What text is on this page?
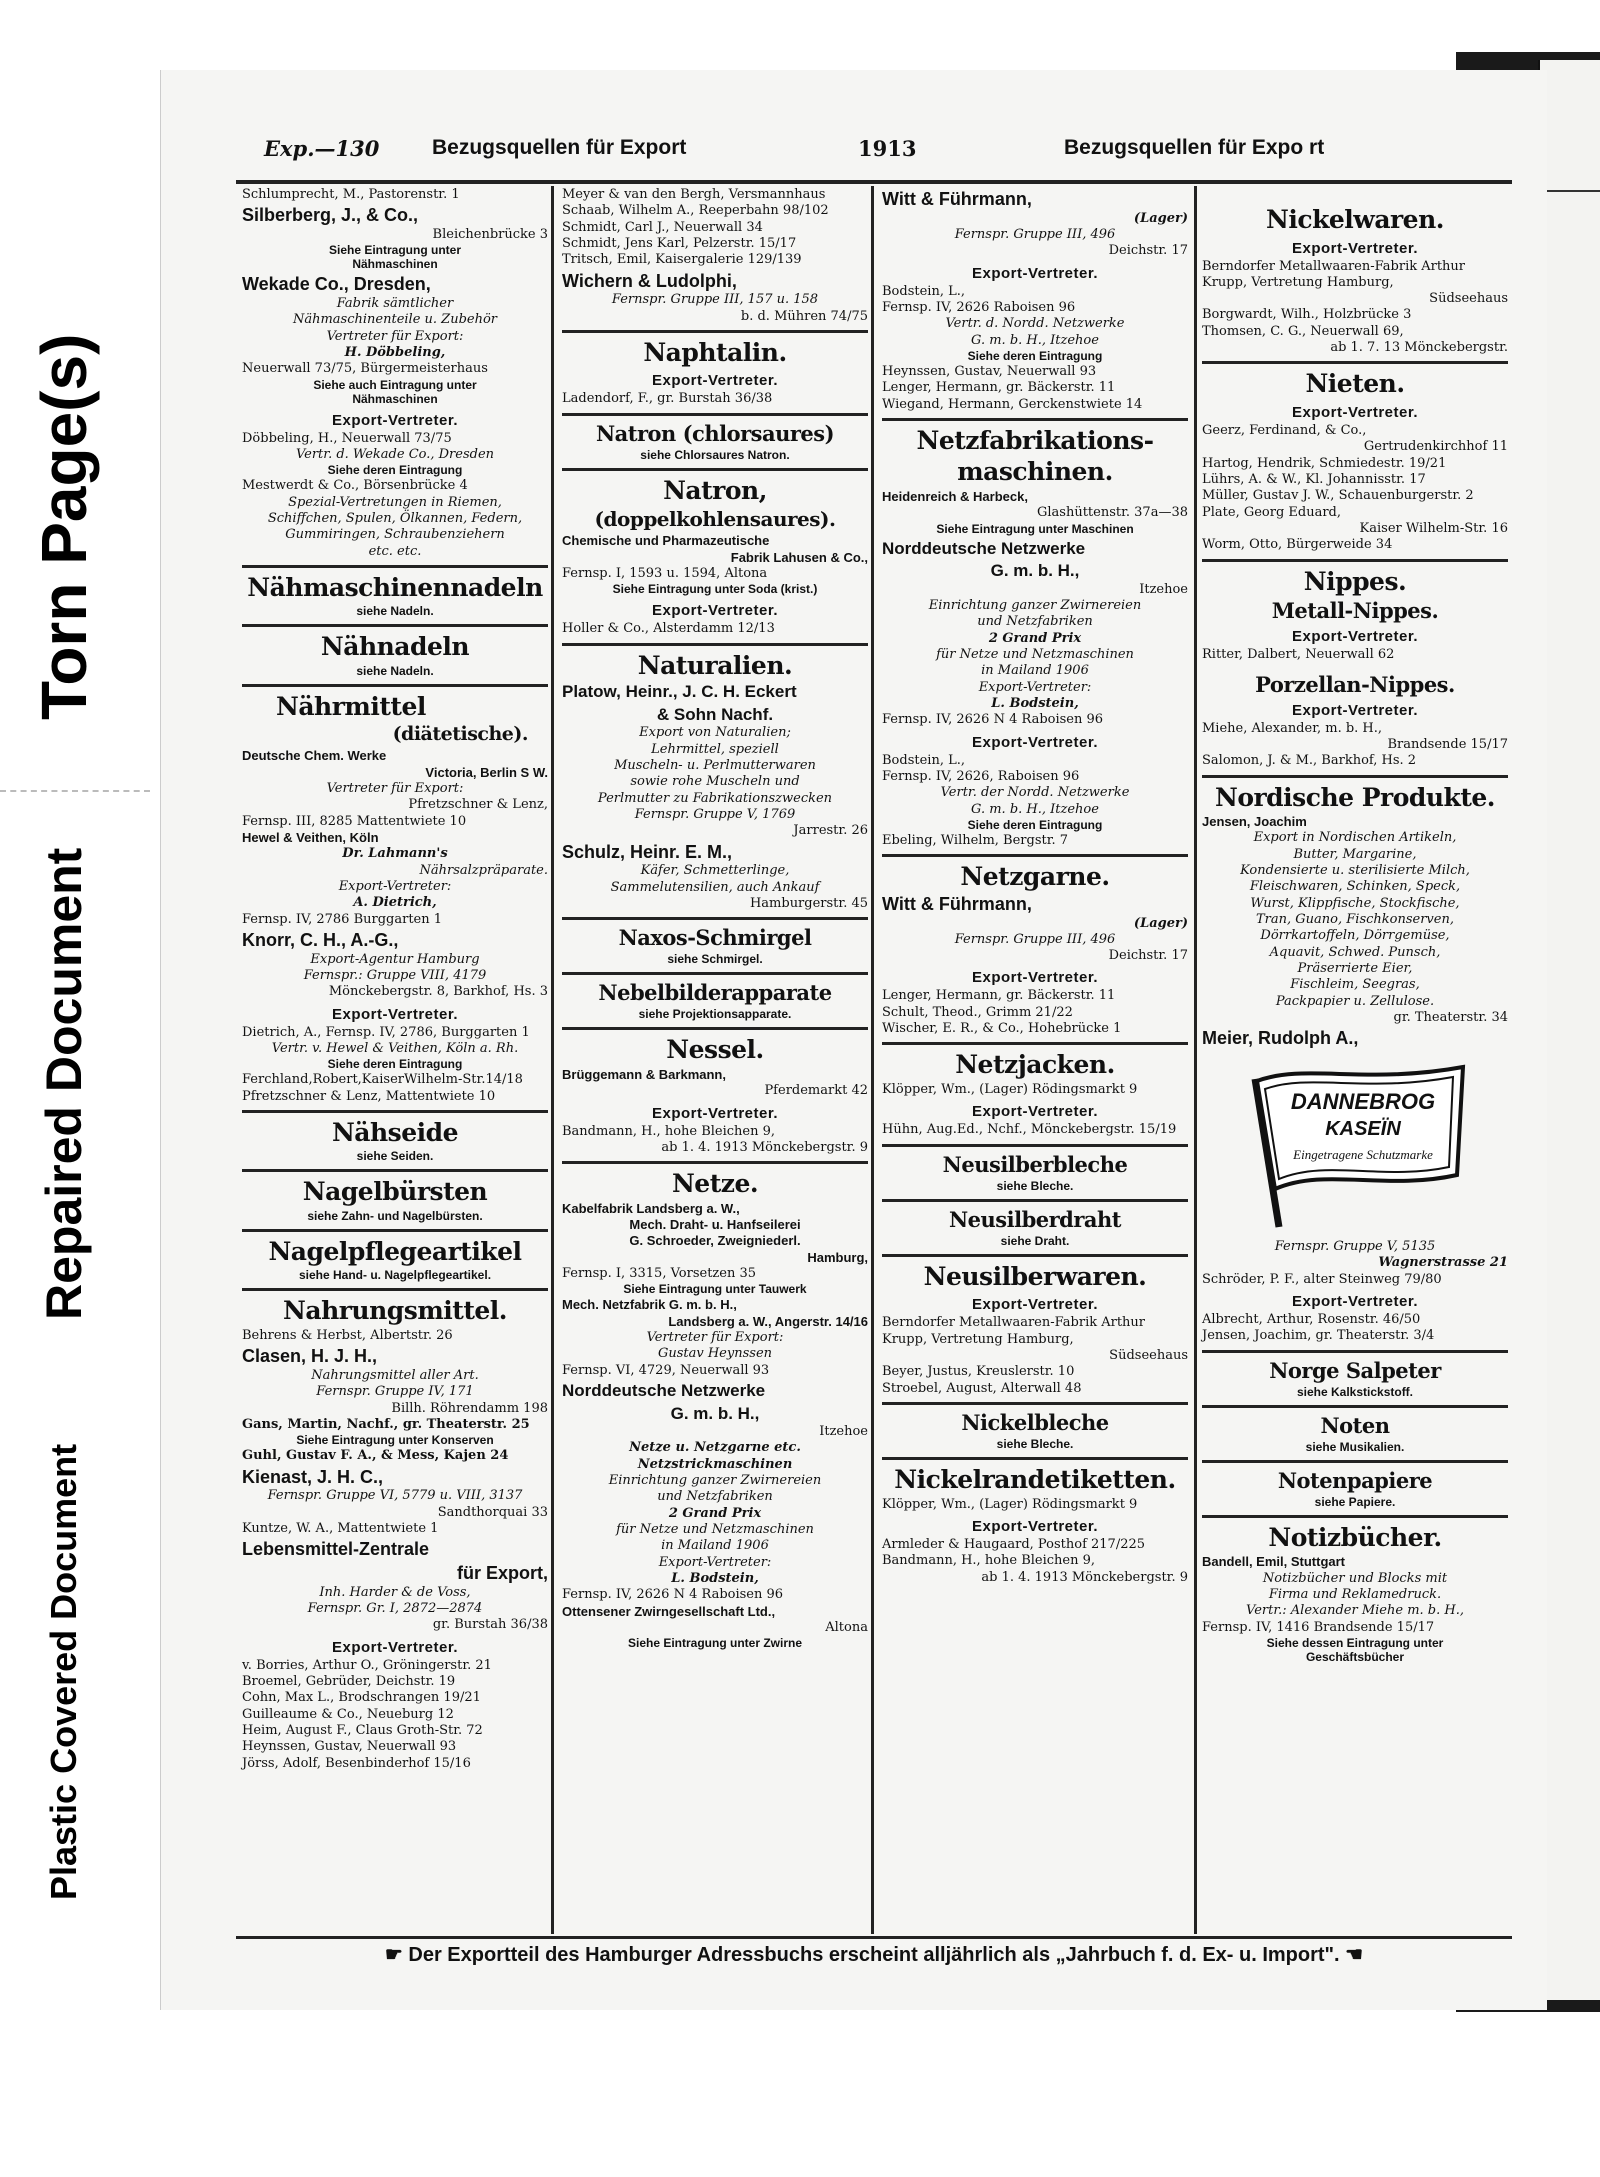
Torn Page(s)
Repaired Document
Plastic Covered Document
Exp.—130	Bezugsquellen für Export	1913	Bezugsquellen für Expo rt
Schlumprecht, M., Pastorenstr. 1
Silberberg, J., & Co.,
Bleichenbrücke 3
Siehe Eintragung unter
Nähmaschinen
Wekade Co., Dresden,
Fabrik sämtlicher
Nähmaschinenteile u. Zubehör
Vertreter für Export:
H. Döbbeling,
Neuerwall 73/75, Bürgermeisterhaus
Siehe auch Eintragung unter
Nähmaschinen
Export-Vertreter.
Döbbeling, H., Neuerwall 73/75
Vertr. d. Wekade Co., Dresden
Siehe deren Eintragung
Mestwerdt & Co., Börsenbrücke 4
Spezial-Vertretungen in Riemen,
Schiffchen, Spulen, Ölkannen, Federn,
Gummiringen, Schraubenziehern
etc. etc.
Nähmaschinennadeln
siehe Nadeln.
Nähnadeln
siehe Nadeln.
Nährmittel
(diätetische).
Deutsche Chem. Werke
Victoria, Berlin S W.
Vertreter für Export:
Pfretzschner & Lenz,
Fernsp. III, 8285 Mattentwiete 10
Hewel & Veithen, Köln
Dr. Lahmann's
Nährsalzpräparate.
Export-Vertreter:
A. Dietrich,
Fernsp. IV, 2786 Burggarten 1
Knorr, C. H., A.-G.,
Export-Agentur Hamburg
Fernspr.: Gruppe VIII, 4179
Mönckebergstr. 8, Barkhof, Hs. 3
Export-Vertreter.
Dietrich, A., Fernsp. IV, 2786, Burggarten 1
Vertr. v. Hewel & Veithen, Köln a. Rh.
Siehe deren Eintragung
Ferchland,Robert,KaiserWilhelm-Str.14/18
Pfretzschner & Lenz, Mattentwiete 10
Nähseide
siehe Seiden.
Nagelbürsten
siehe Zahn- und Nagelbürsten.
Nagelpflegeartikel
siehe Hand- u. Nagelpflegeartikel.
Nahrungsmittel.
Behrens & Herbst, Albertstr. 26
Clasen, H. J. H.,
Nahrungsmittel aller Art.
Fernspr. Gruppe IV, 171
Billh. Röhrendamm 198
Gans, Martin, Nachf., gr. Theaterstr. 25
Siehe Eintragung unter Konserven
Guhl, Gustav F. A., & Mess, Kajen 24
Kienast, J. H. C.,
Fernspr. Gruppe VI, 5779 u. VIII, 3137
Sandthorquai 33
Kuntze, W. A., Mattentwiete 1
Lebensmittel-Zentrale
für Export,
Inh. Harder & de Voss,
Fernspr. Gr. I, 2872—2874
gr. Burstah 36/38
Export-Vertreter.
v. Borries, Arthur O., Gröningerstr. 21
Broemel, Gebrüder, Deichstr. 19
Cohn, Max L., Brodschrangen 19/21
Guilleaume & Co., Neueburg 12
Heim, August F., Claus Groth-Str. 72
Heynssen, Gustav, Neuerwall 93
Jörss, Adolf, Besenbinderhof 15/16
Meyer & van den Bergh, Versmannhaus
Schaab, Wilhelm A., Reeperbahn 98/102
Schmidt, Carl J., Neuerwall 34
Schmidt, Jens Karl, Pelzerstr. 15/17
Tritsch, Emil, Kaisergalerie 129/139
Wichern & Ludolphi,
Fernspr. Gruppe III, 157 u. 158
b. d. Mühren 74/75
Naphtalin.
Export-Vertreter.
Ladendorf, F., gr. Burstah 36/38
Natron (chlorsaures)
siehe Chlorsaures Natron.
Natron,
(doppelkohlensaures).
Chemische und Pharmazeutische
Fabrik Lahusen & Co.,
Fernsp. I, 1593 u. 1594, Altona
Siehe Eintragung unter Soda (krist.)
Export-Vertreter.
Holler & Co., Alsterdamm 12/13
Naturalien.
Platow, Heinr., J. C. H. Eckert
& Sohn Nachf.
Export von Naturalien;
Lehrmittel, speziell
Muscheln- u. Perlmutterwaren
sowie rohe Muscheln und
Perlmutter zu Fabrikationszwecken
Fernspr. Gruppe V, 1769
Jarrestr. 26
Schulz, Heinr. E. M.,
Käfer, Schmetterlinge,
Sammelutensilien, auch Ankauf
Hamburgerstr. 45
Naxos-Schmirgel
siehe Schmirgel.
Nebelbilderapparate
siehe Projektionsapparate.
Nessel.
Brüggemann & Barkmann,
Pferdemarkt 42
Export-Vertreter.
Bandmann, H., hohe Bleichen 9,
ab 1. 4. 1913 Mönckebergstr. 9
Netze.
Kabelfabrik Landsberg a. W.,
Mech. Draht- u. Hanfseilerei
G. Schroeder, Zweigniederl.
Hamburg,
Fernsp. I, 3315, Vorsetzen 35
Siehe Eintragung unter Tauwerk
Mech. Netzfabrik G. m. b. H.,
Landsberg a. W., Angerstr. 14/16
Vertreter für Export:
Gustav Heynssen
Fernsp. VI, 4729, Neuerwall 93
Norddeutsche Netzwerke
G. m. b. H.,
Itzehoe
Netze u. Netzgarne etc.
Netzstrickmaschinen
Einrichtung ganzer Zwirnereien
und Netzfabriken
2 Grand Prix
für Netze und Netzmaschinen
in Mailand 1906
Export-Vertreter:
L. Bodstein,
Fernsp. IV, 2626 N 4 Raboisen 96
Ottensener Zwirngesellschaft Ltd.,
Altona
Siehe Eintragung unter Zwirne
Witt & Führmann,
(Lager)
Fernspr. Gruppe III, 496
Deichstr. 17
Export-Vertreter.
Bodstein, L.,
Fernsp. IV, 2626 Raboisen 96
Vertr. d. Nordd. Netzwerke
G. m. b. H., Itzehoe
Siehe deren Eintragung
Heynssen, Gustav, Neuerwall 93
Lenger, Hermann, gr. Bäckerstr. 11
Wiegand, Hermann, Gerckenstwiete 14
Netzfabrikations-
maschinen.
Heidenreich & Harbeck,
Glashüttenstr. 37a—38
Siehe Eintragung unter Maschinen
Norddeutsche Netzwerke
G. m. b. H.,
Itzehoe
Einrichtung ganzer Zwirnereien
und Netzfabriken
2 Grand Prix
für Netze und Netzmaschinen
in Mailand 1906
Export-Vertreter:
L. Bodstein,
Fernsp. IV, 2626 N 4 Raboisen 96
Export-Vertreter.
Bodstein, L.,
Fernsp. IV, 2626, Raboisen 96
Vertr. der Nordd. Netzwerke
G. m. b. H., Itzehoe
Siehe deren Eintragung
Ebeling, Wilhelm, Bergstr. 7
Netzgarne.
Witt & Führmann,
(Lager)
Fernspr. Gruppe III, 496
Deichstr. 17
Export-Vertreter.
Lenger, Hermann, gr. Bäckerstr. 11
Schult, Theod., Grimm 21/22
Wischer, E. R., & Co., Hohebrücke 1
Netzjacken.
Klöpper, Wm., (Lager) Rödingsmarkt 9
Export-Vertreter.
Hühn, Aug.Ed., Nchf., Mönckebergstr. 15/19
Neusilberbleche
siehe Bleche.
Neusilberdraht
siehe Draht.
Neusilberwaren.
Export-Vertreter.
Berndorfer Metallwaaren-Fabrik Arthur
Krupp, Vertretung Hamburg,
Südseehaus
Beyer, Justus, Kreuslerstr. 10
Stroebel, August, Alterwall 48
Nickelbleche
siehe Bleche.
Nickelrandetiketten.
Klöpper, Wm., (Lager) Rödingsmarkt 9
Export-Vertreter.
Armleder & Haugaard, Posthof 217/225
Bandmann, H., hohe Bleichen 9,
ab 1. 4. 1913 Mönckebergstr. 9
Nickelwaren.
Export-Vertreter.
Berndorfer Metallwaaren-Fabrik Arthur
Krupp, Vertretung Hamburg,
Südseehaus
Borgwardt, Wilh., Holzbrücke 3
Thomsen, C. G., Neuerwall 69,
ab 1. 7. 13 Mönckebergstr.
Nieten.
Export-Vertreter.
Geerz, Ferdinand, & Co.,
Gertrudenkirchhof 11
Hartog, Hendrik, Schmiedestr. 19/21
Lührs, A. & W., Kl. Johannisstr. 17
Müller, Gustav J. W., Schauenburgerstr. 2
Plate, Georg Eduard,
Kaiser Wilhelm-Str. 16
Worm, Otto, Bürgerweide 34
Nippes.
Metall-Nippes.
Export-Vertreter.
Ritter, Dalbert, Neuerwall 62
Porzellan-Nippes.
Export-Vertreter.
Miehe, Alexander, m. b. H.,
Brandsende 15/17
Salomon, J. & M., Barkhof, Hs. 2
Nordische Produkte.
Jensen, Joachim
Export in Nordischen Artikeln,
Butter, Margarine,
Kondensierte u. sterilisierte Milch,
Fleischwaren, Schinken, Speck,
Wurst, Klippfische, Stockfische,
Tran, Guano, Fischkonserven,
Dörrkartoffeln, Dörrgemüse,
Aquavit, Schwed. Punsch,
Präserrierte Eier,
Fischleim, Seegras,
Packpapier u. Zellulose.
gr. Theaterstr. 34
Meier, Rudolph A.,
DANNEBROG
KASEÏN
Eingetragene Schutzmarke
Fernspr. Gruppe V, 5135
Wagnerstrasse 21
Schröder, P. F., alter Steinweg 79/80
Export-Vertreter.
Albrecht, Arthur, Rosenstr. 46/50
Jensen, Joachim, gr. Theaterstr. 3/4
Norge Salpeter
siehe Kalkstickstoff.
Noten
siehe Musikalien.
Notenpapiere
siehe Papiere.
Notizbücher.
Bandell, Emil, Stuttgart
Notizbücher und Blocks mit
Firma und Reklamedruck.
Vertr.: Alexander Miehe m. b. H.,
Fernsp. IV, 1416 Brandsende 15/17
Siehe dessen Eintragung unter
Geschäftsbücher
☛ Der Exportteil des Hamburger Adressbuchs erscheint alljährlich als „Jahrbuch f. d. Ex- u. Import". ☚
